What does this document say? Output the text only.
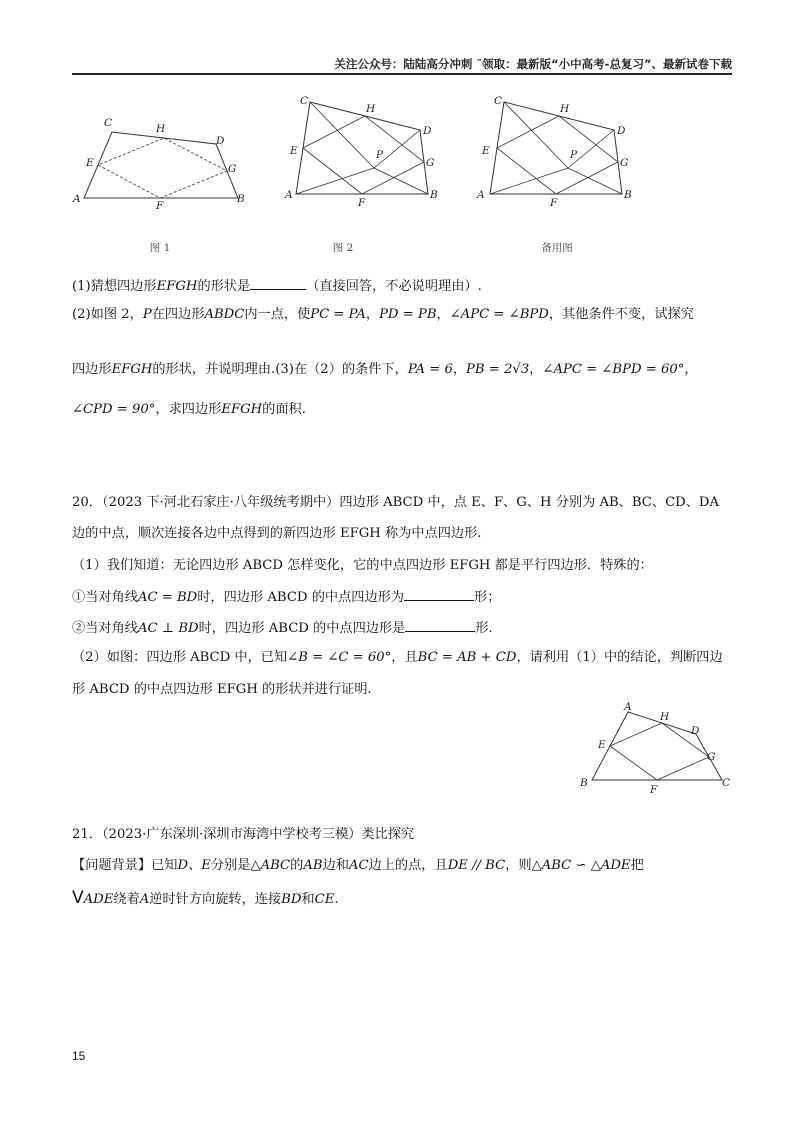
关注公众号：陆陆高分冲刺 ˜领取：最新版“小中高考-总复习”、最新试卷下载
C	H
D
E	G
A
F
B
图 1
C
H
D
E	P
G
A
F
B
图 2
C
H
D
E	P
G
A
F
B
备用图
(1)猜想四边形EFGH的形状是	（直接回答，不必说明理由）.
(2)如图 2，P在四边形ABDC内一点，使PC = PA，PD = PB，∠APC = ∠BPD，其他条件不变，试探究
四边形EFGH的形状，并说明理由.(3)在（2）的条件下，PA = 6，PB = 2√3，∠APC = ∠BPD = 60°，
∠CPD = 90°，求四边形EFGH的面积.
20．（2023 下·河北石家庄·八年级统考期中）四边形 ABCD 中，点 E、F、G、H 分别为 AB、BC、CD、DA
边的中点，顺次连接各边中点得到的新四边形 EFGH 称为中点四边形.
（1）我们知道：无论四边形 ABCD 怎样变化，它的中点四边形 EFGH 都是平行四边形．特殊的：
①当对角线AC = BD时，四边形 ABCD 的中点四边形为	形；
②当对角线AC ⊥ BD时，四边形 ABCD 的中点四边形是	形.
（2）如图：四边形 ABCD 中，已知∠B = ∠C = 60°，且BC = AB + CD，请利用（1）中的结论，判断四边
形 ABCD 的中点四边形 EFGH 的形状并进行证明.
A
H
D
E
G
B
F
C
21．（2023·广东深圳·深圳市海湾中学校考三模）类比探究
【问题背景】已知D、E分别是△ABC的AB边和AC边上的点，且DE // BC，则△ABC ∽ △ADE把
VADE绕着A逆时针方向旋转，连接BD和CE.
15
